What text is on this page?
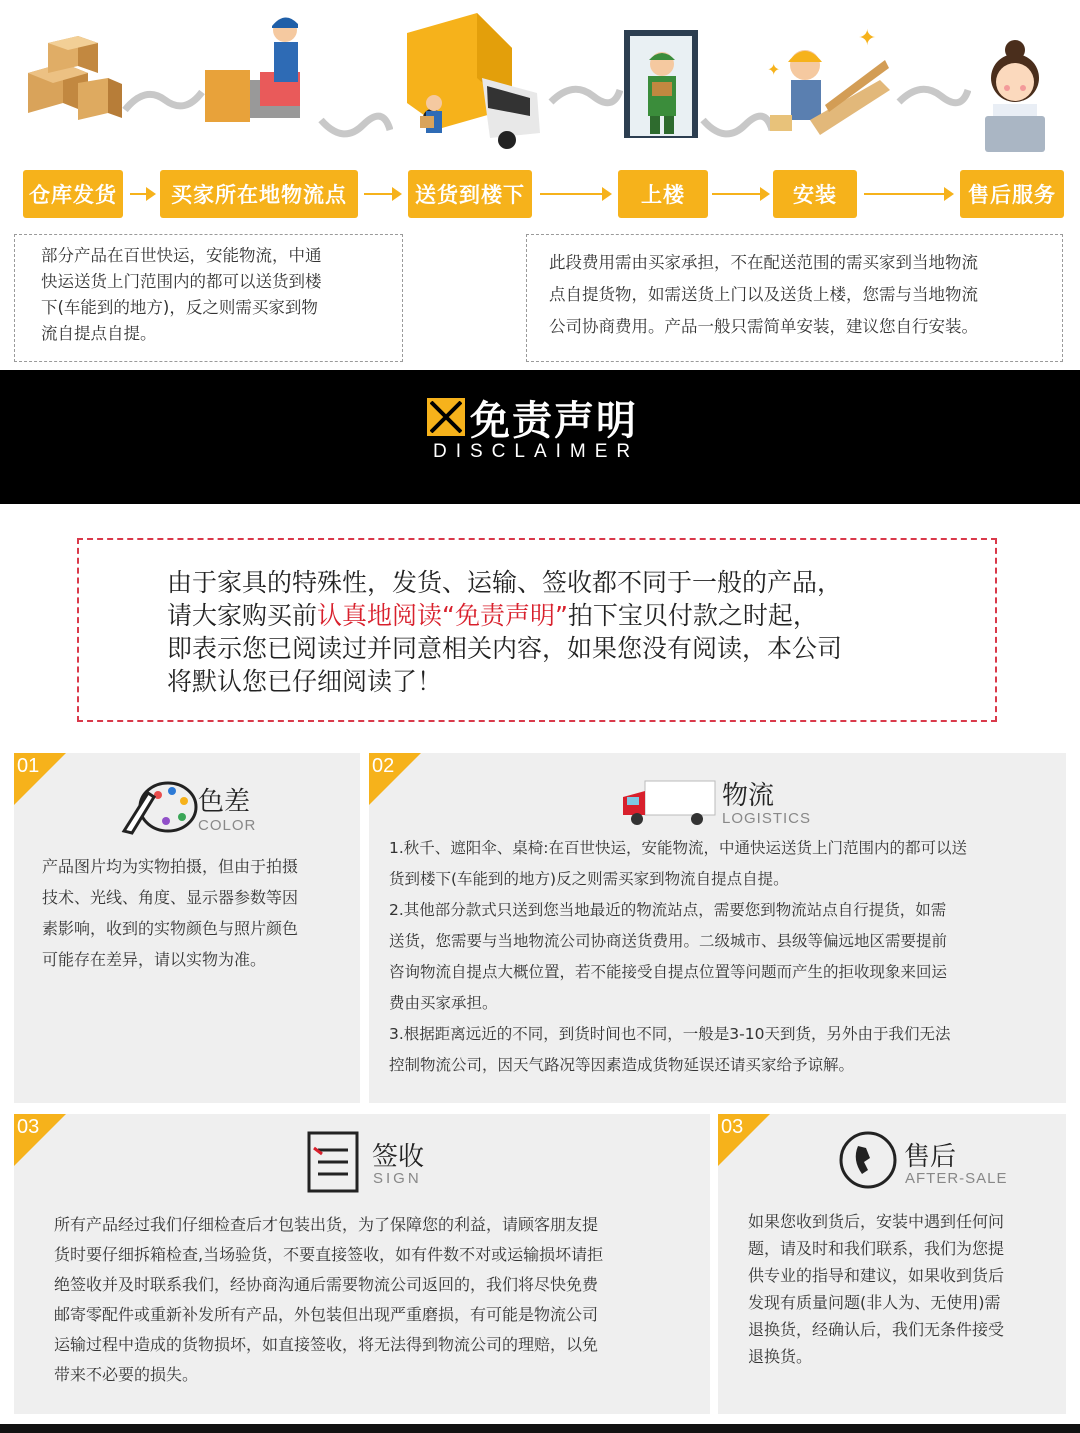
✦
✦
仓库发货	买家所在地物流点	送货到楼下	上楼	安装	售后服务
部分产品在百世快运，安能物流，中通
快运送货上门范围内的都可以送货到楼
下(车能到的地方)，反之则需买家到物
流自提点自提。
此段费用需由买家承担，不在配送范围的需买家到当地物流
点自提货物，如需送货上门以及送货上楼，您需与当地物流
公司协商费用。产品一般只需简单安装，建议您自行安装。
免责声明
DISCLAIMER
由于家具的特殊性，发货、运输、签收都不同于一般的产品，
请大家购买前认真地阅读“免责声明”拍下宝贝付款之时起，
即表示您已阅读过并同意相关内容，如果您没有阅读，本公司
将默认您已仔细阅读了！
01
色差
COLOR

产品图片均为实物拍摄，但由于拍摄

技术、光线、角度、显示器参数等因

素影响，收到的实物颜色与照片颜色

可能存在差异，请以实物为准。

02
物流
LOGISTICS

1.秋千、遮阳伞、桌椅:在百世快运，安能物流，中通快运送货上门范围内的都可以送

货到楼下(车能到的地方)反之则需买家到物流自提点自提。

2.其他部分款式只送到您当地最近的物流站点，需要您到物流站点自行提货，如需

送货，您需要与当地物流公司协商送货费用。二级城市、县级等偏远地区需要提前

咨询物流自提点大概位置，若不能接受自提点位置等问题而产生的拒收现象来回运

费由买家承担。

3.根据距离远近的不同，到货时间也不同，一般是3-10天到货，另外由于我们无法

控制物流公司，因天气路况等因素造成货物延误还请买家给予谅解。

03
签收
SIGN

所有产品经过我们仔细检查后才包装出货，为了保障您的利益，请顾客朋友提

货时要仔细拆箱检查,当场验货，不要直接签收，如有件数不对或运输损坏请拒

绝签收并及时联系我们，经协商沟通后需要物流公司返回的，我们将尽快免费

邮寄零配件或重新补发所有产品，外包装但出现严重磨损，有可能是物流公司

运输过程中造成的货物损坏，如直接签收，将无法得到物流公司的理赔，以免

带来不必要的损失。

03
售后
AFTER-SALE

如果您收到货后，安装中遇到任何问

题，请及时和我们联系，我们为您提

供专业的指导和建议，如果收到货后

发现有质量问题(非人为、无使用)需

退换货，经确认后，我们无条件接受

退换货。
